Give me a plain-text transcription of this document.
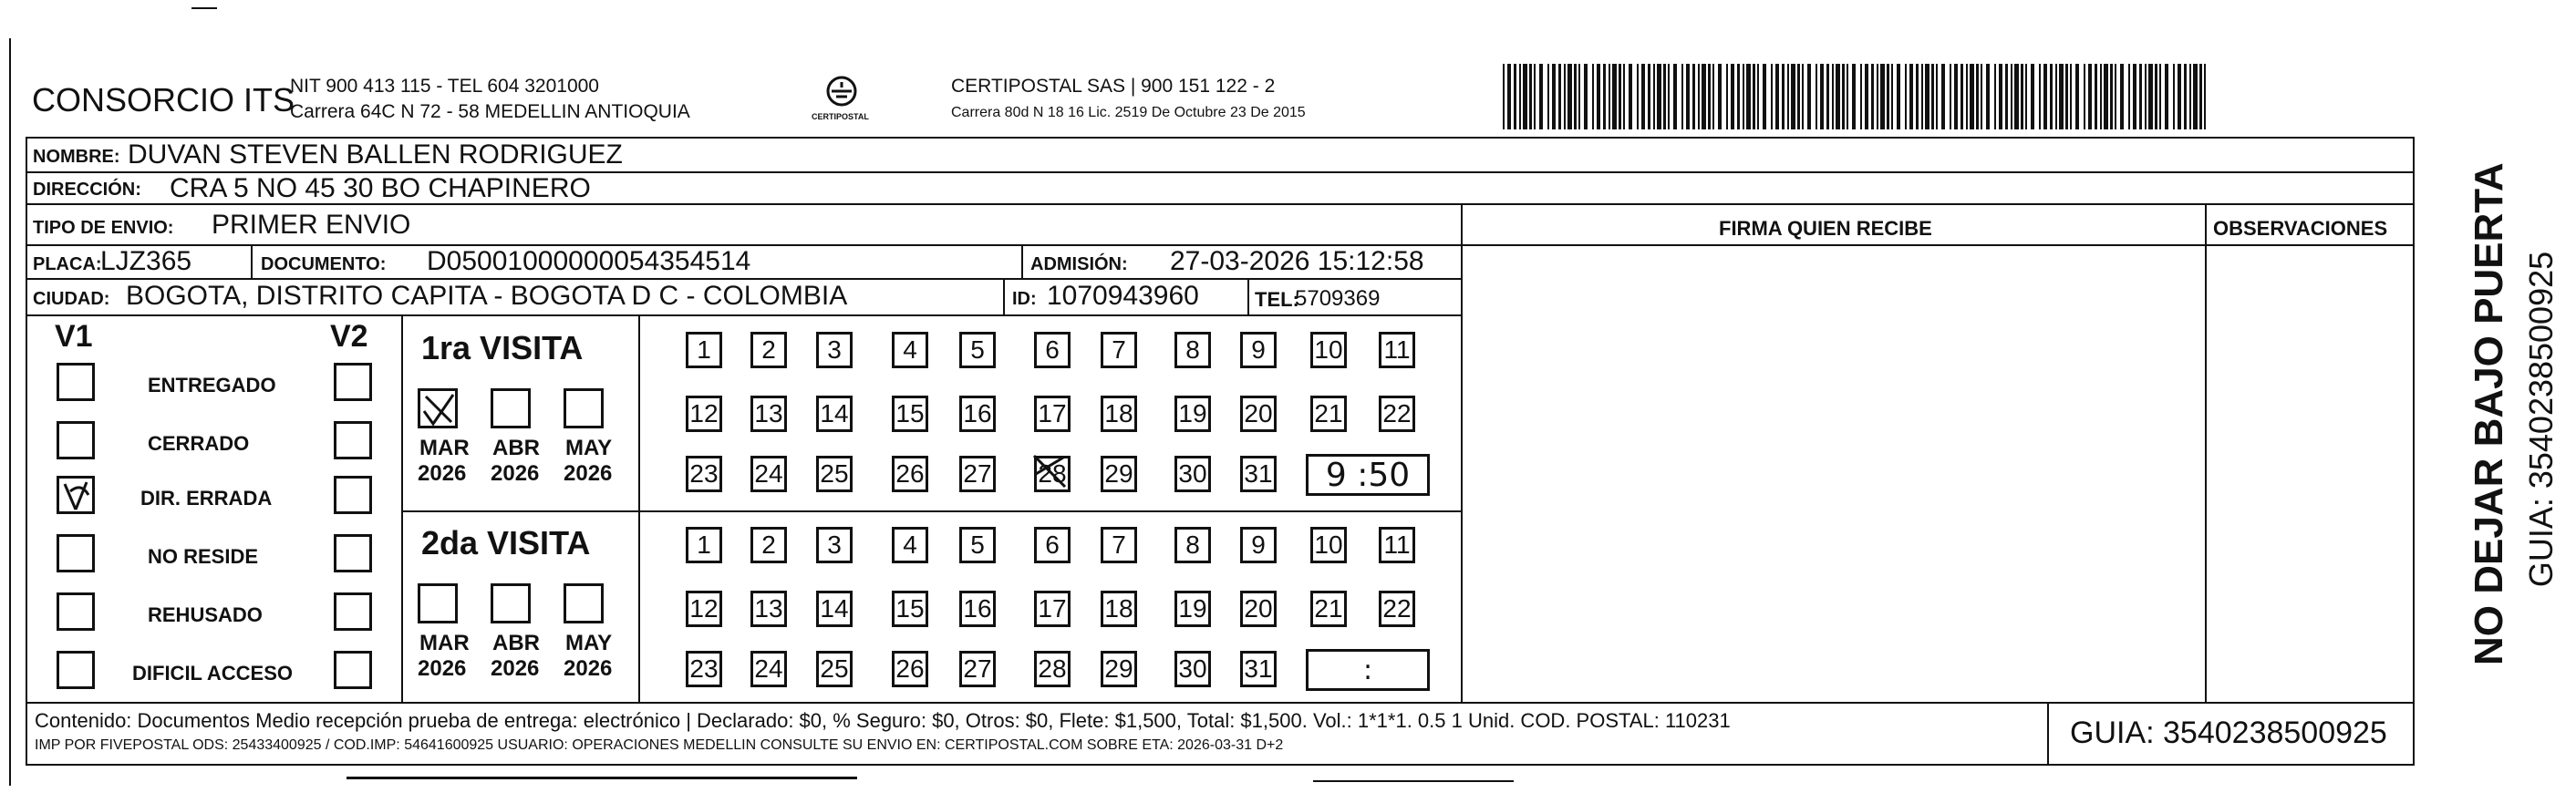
CONSORCIO ITS
NIT 900 413 115 - TEL 604 3201000
Carrera 64C N 72 - 58 MEDELLIN ANTIOQUIA	CERTIPOSTAL
CERTIPOSTAL SAS | 900 151 122 - 2
Carrera 80d N 18 16 Lic. 2519 De Octubre 23 De 2015
NOMBRE: DUVAN STEVEN BALLEN RODRIGUEZ
DIRECCIÓN: CRA 5 NO 45 30 BO CHAPINERO
TIPO DE ENVIO: PRIMER ENVIO	FIRMA QUIEN RECIBE	OBSERVACIONES
PLACA:
LJZ365	DOCUMENTO: D05001000000054354514	ADMISIÓN: 27-03-2026 15:12:58
CIUDAD: BOGOTA, DISTRITO CAPITA - BOGOTA D C - COLOMBIA	ID: 1070943960	TEL:
5709369
V1	V2
ENTREGADO
CERRADO
DIR. ERRADA
NO RESIDE
REHUSADO
DIFICIL ACCESO
1ra VISITA
MAR
2026
ABR
2026
MAY
2026
1	2	3	4	5	6	7	8	9	10 11
12 13 14 15 16 17 18 19 20 21 22
23 24 25 26 27 28 29 30 31	9 :50
2da VISITA
MAR
2026
ABR
2026
MAY
2026
1	2	3	4	5	6	7	8	9	10 11
12 13 14 15 16 17 18 19 20 21 22
23 24 25 26 27 28 29 30 31	:
Contenido: Documentos Medio recepción prueba de entrega: electrónico | Declarado: $0, % Seguro: $0, Otros: $0, Flete: $1,500, Total: $1,500. Vol.: 1*1*1. 0.5 1 Unid. COD. POSTAL: 110231
IMP POR FIVEPOSTAL ODS: 25433400925 / COD.IMP: 54641600925 USUARIO: OPERACIONES MEDELLIN CONSULTE SU ENVIO EN: CERTIPOSTAL.COM SOBRE ETA: 2026-03-31 D+2	GUIA: 3540238500925
NO DEJAR BAJO PUERTA GUIA: 3540238500925
